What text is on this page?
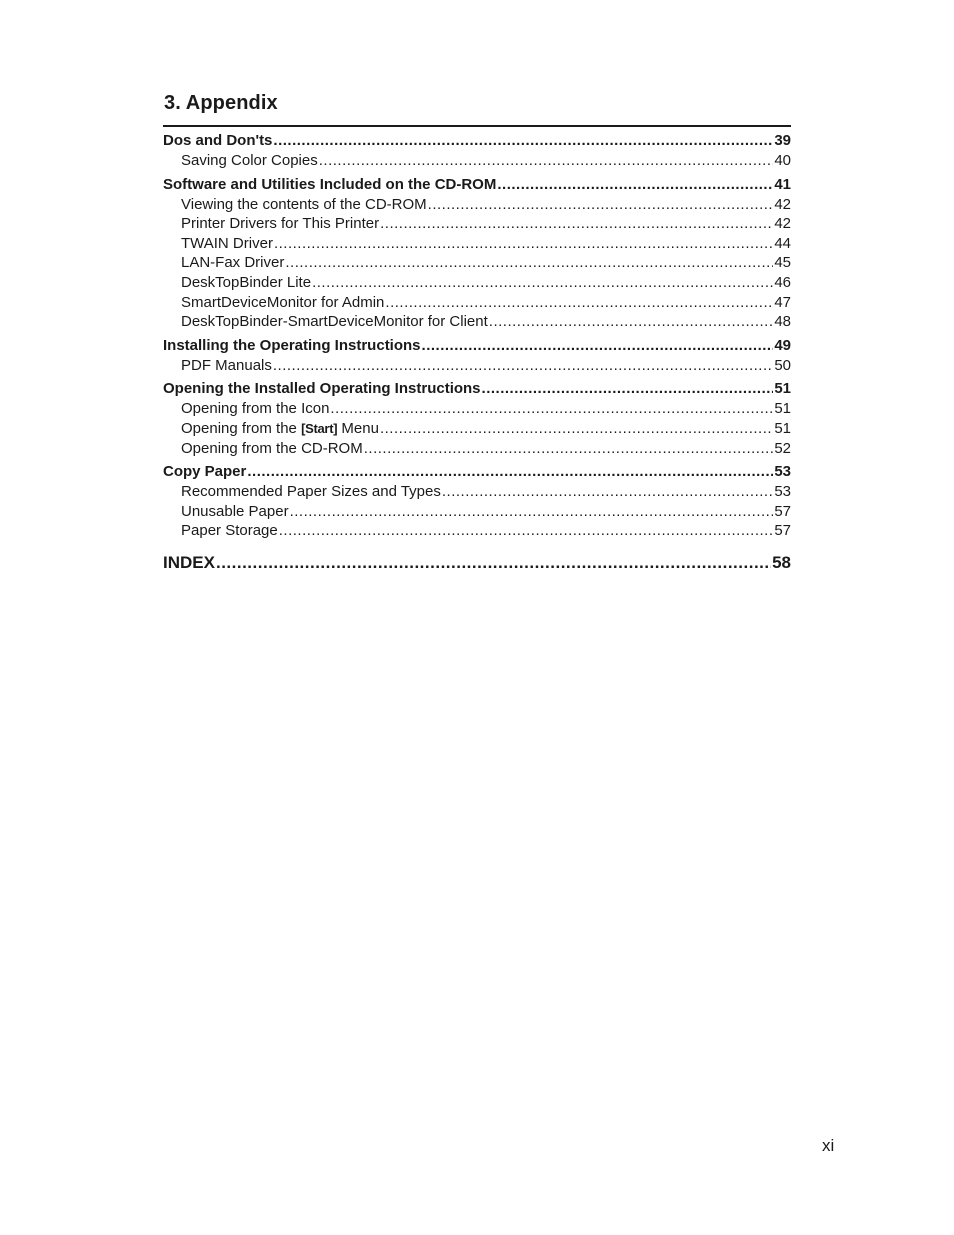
3. Appendix
Dos and Don'ts .....	39
Saving Color Copies .....	40
Software and Utilities Included on the CD-ROM .....	41
Viewing the contents of the CD-ROM .....	42
Printer Drivers for This Printer .....	42
TWAIN Driver .....	44
LAN-Fax Driver .....	45
DeskTopBinder Lite .....	46
SmartDeviceMonitor for Admin .....	47
DeskTopBinder-SmartDeviceMonitor for Client .....	48
Installing the Operating Instructions .....	49
PDF Manuals .....	50
Opening the Installed Operating Instructions .....	51
Opening from the Icon .....	51
Opening from the [Start] Menu .....	51
Opening from the CD-ROM .....	52
Copy Paper .....	53
Recommended Paper Sizes and Types .....	53
Unusable Paper .....	57
Paper Storage .....	57
INDEX .....	58
xi
